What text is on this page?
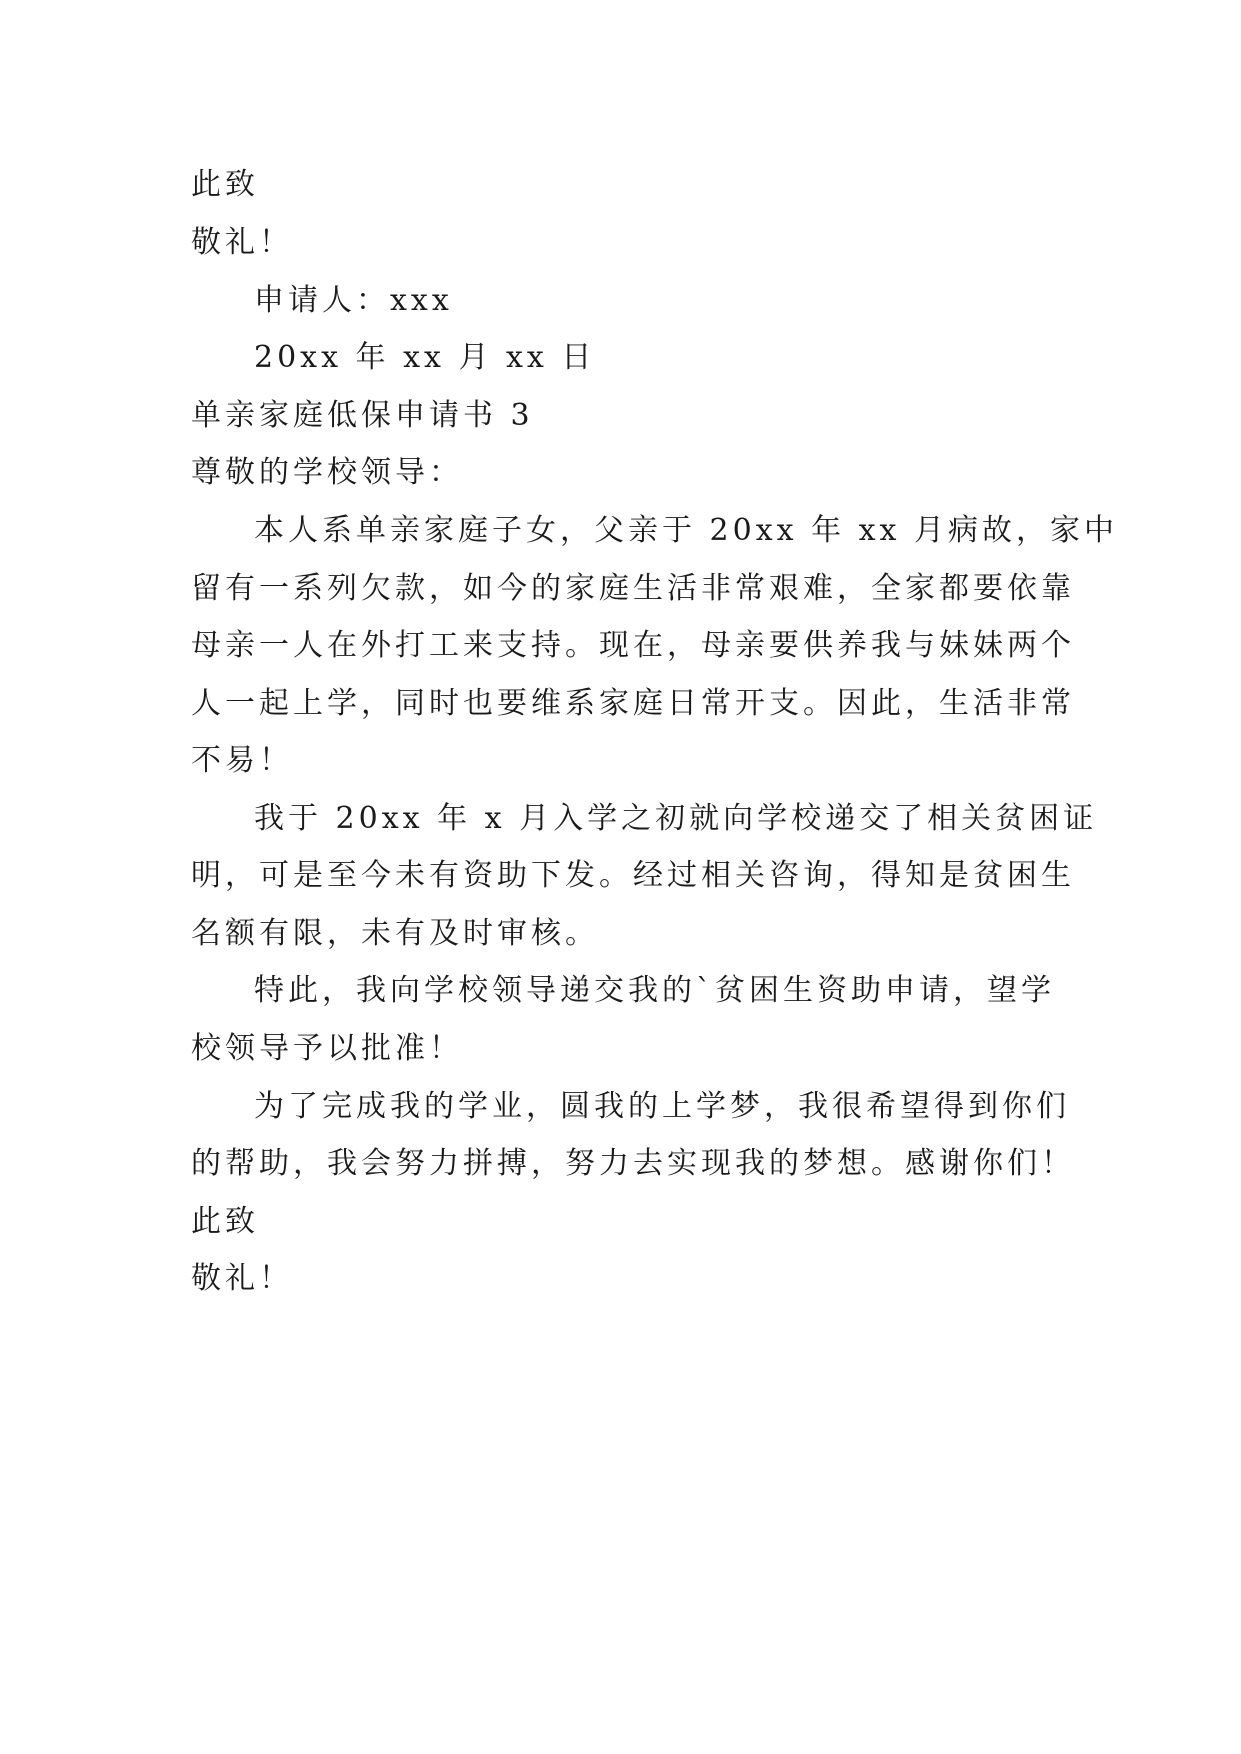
此致
敬礼！
申请人：xxx
20xx 年 xx 月 xx 日
单亲家庭低保申请书 3
尊敬的学校领导：
本人系单亲家庭子女，父亲于 20xx 年 xx 月病故，家中
留有一系列欠款，如今的家庭生活非常艰难，全家都要依靠
母亲一人在外打工来支持。现在，母亲要供养我与妹妹两个
人一起上学，同时也要维系家庭日常开支。因此，生活非常
不易！
我于 20xx 年 x 月入学之初就向学校递交了相关贫困证
明，可是至今未有资助下发。经过相关咨询，得知是贫困生
名额有限，未有及时审核。
特此，我向学校领导递交我的`贫困生资助申请，望学
校领导予以批准！
为了完成我的学业，圆我的上学梦，我很希望得到你们
的帮助，我会努力拼搏，努力去实现我的梦想。感谢你们！
此致
敬礼！
